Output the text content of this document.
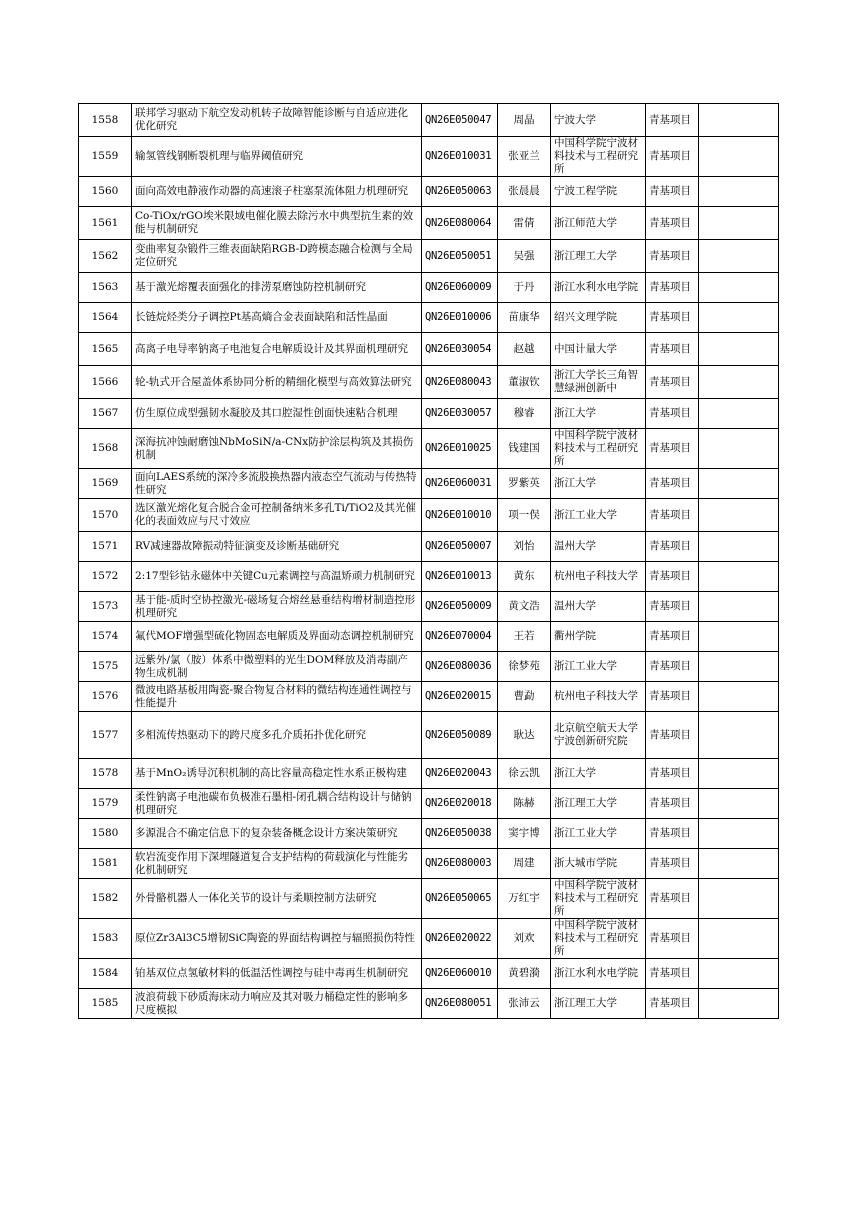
1558	联邦学习驱动下航空发动机转子故障智能诊断与自适应进化优化研究	QN26E050047	周晶	宁波大学	青基项目	
1559	输氢管线钢断裂机理与临界阈值研究	QN26E010031	张亚兰	中国科学院宁波材料技术与工程研究所	青基项目	
1560	面向高效电静液作动器的高速滚子柱塞泵流体阻力机理研究	QN26E050063	张晨晨	宁波工程学院	青基项目	
1561	Co-TiOx/rGO埃米限域电催化膜去除污水中典型抗生素的效能与机制研究	QN26E080064	雷倩	浙江师范大学	青基项目	
1562	变曲率复杂锻件三维表面缺陷RGB-D跨模态融合检测与全局定位研究	QN26E050051	吴强	浙江理工大学	青基项目	
1563	基于激光熔覆表面强化的排涝泵磨蚀防控机制研究	QN26E060009	于丹	浙江水利水电学院	青基项目	
1564	长链烷烃类分子调控Pt基高熵合金表面缺陷和活性晶面	QN26E010006	苗康华	绍兴文理学院	青基项目	
1565	高离子电导率钠离子电池复合电解质设计及其界面机理研究	QN26E030054	赵越	中国计量大学	青基项目	
1566	轮-轨式开合屋盖体系协同分析的精细化模型与高效算法研究	QN26E080043	董淑钦	浙江大学长三角智慧绿洲创新中	青基项目	
1567	仿生原位成型强韧水凝胶及其口腔湿性创面快速粘合机理	QN26E030057	穆睿	浙江大学	青基项目	
1568	深海抗冲蚀耐磨蚀NbMoSiN/a-CNx防护涂层构筑及其损伤机制	QN26E010025	钱建国	中国科学院宁波材料技术与工程研究所	青基项目	
1569	面向LAES系统的深冷多流股换热器内液态空气流动与传热特性研究	QN26E060031	罗紫英	浙江大学	青基项目	
1570	选区激光熔化复合脱合金可控制备纳米多孔Ti/TiO2及其光催化的表面效应与尺寸效应	QN26E010010	项一俣	浙江工业大学	青基项目	
1571	RV减速器故障振动特征演变及诊断基础研究	QN26E050007	刘怡	温州大学	青基项目	
1572	2:17型钐钴永磁体中关键Cu元素调控与高温矫顽力机制研究	QN26E010013	黄东	杭州电子科技大学	青基项目	
1573	基于能-质时空协控激光-磁场复合熔丝悬垂结构增材制造控形机理研究	QN26E050009	黄文浩	温州大学	青基项目	
1574	氟代MOF增强型硫化物固态电解质及界面动态调控机制研究	QN26E070004	王若	衢州学院	青基项目	
1575	远紫外/氯（胺）体系中微塑料的光生DOM释放及消毒副产物生成机制	QN26E080036	徐梦苑	浙江工业大学	青基项目	
1576	微波电路基板用陶瓷-聚合物复合材料的微结构连通性调控与性能提升	QN26E020015	曹勐	杭州电子科技大学	青基项目	
1577	多相流传热驱动下的跨尺度多孔介质拓扑优化研究	QN26E050089	耿达	北京航空航天大学宁波创新研究院	青基项目	
1578	基于MnO₂诱导沉积机制的高比容量高稳定性水系正极构建	QN26E020043	徐云凯	浙江大学	青基项目	
1579	柔性钠离子电池碳布负极准石墨相-闭孔耦合结构设计与储钠机理研究	QN26E020018	陈赫	浙江理工大学	青基项目	
1580	多源混合不确定信息下的复杂装备概念设计方案决策研究	QN26E050038	窦宇博	浙江工业大学	青基项目	
1581	软岩流变作用下深埋隧道复合支护结构的荷载演化与性能劣化机制研究	QN26E080003	周建	浙大城市学院	青基项目	
1582	外骨骼机器人一体化关节的设计与柔顺控制方法研究	QN26E050065	万红宇	中国科学院宁波材料技术与工程研究所	青基项目	
1583	原位Zr3Al3C5增韧SiC陶瓷的界面结构调控与辐照损伤特性	QN26E020022	刘欢	中国科学院宁波材料技术与工程研究所	青基项目	
1584	铂基双位点氢敏材料的低温活性调控与硅中毒再生机制研究	QN26E060010	黄碧漪	浙江水利水电学院	青基项目	
1585	波浪荷载下砂质海床动力响应及其对吸力桶稳定性的影响多尺度模拟	QN26E080051	张沛云	浙江理工大学	青基项目	
